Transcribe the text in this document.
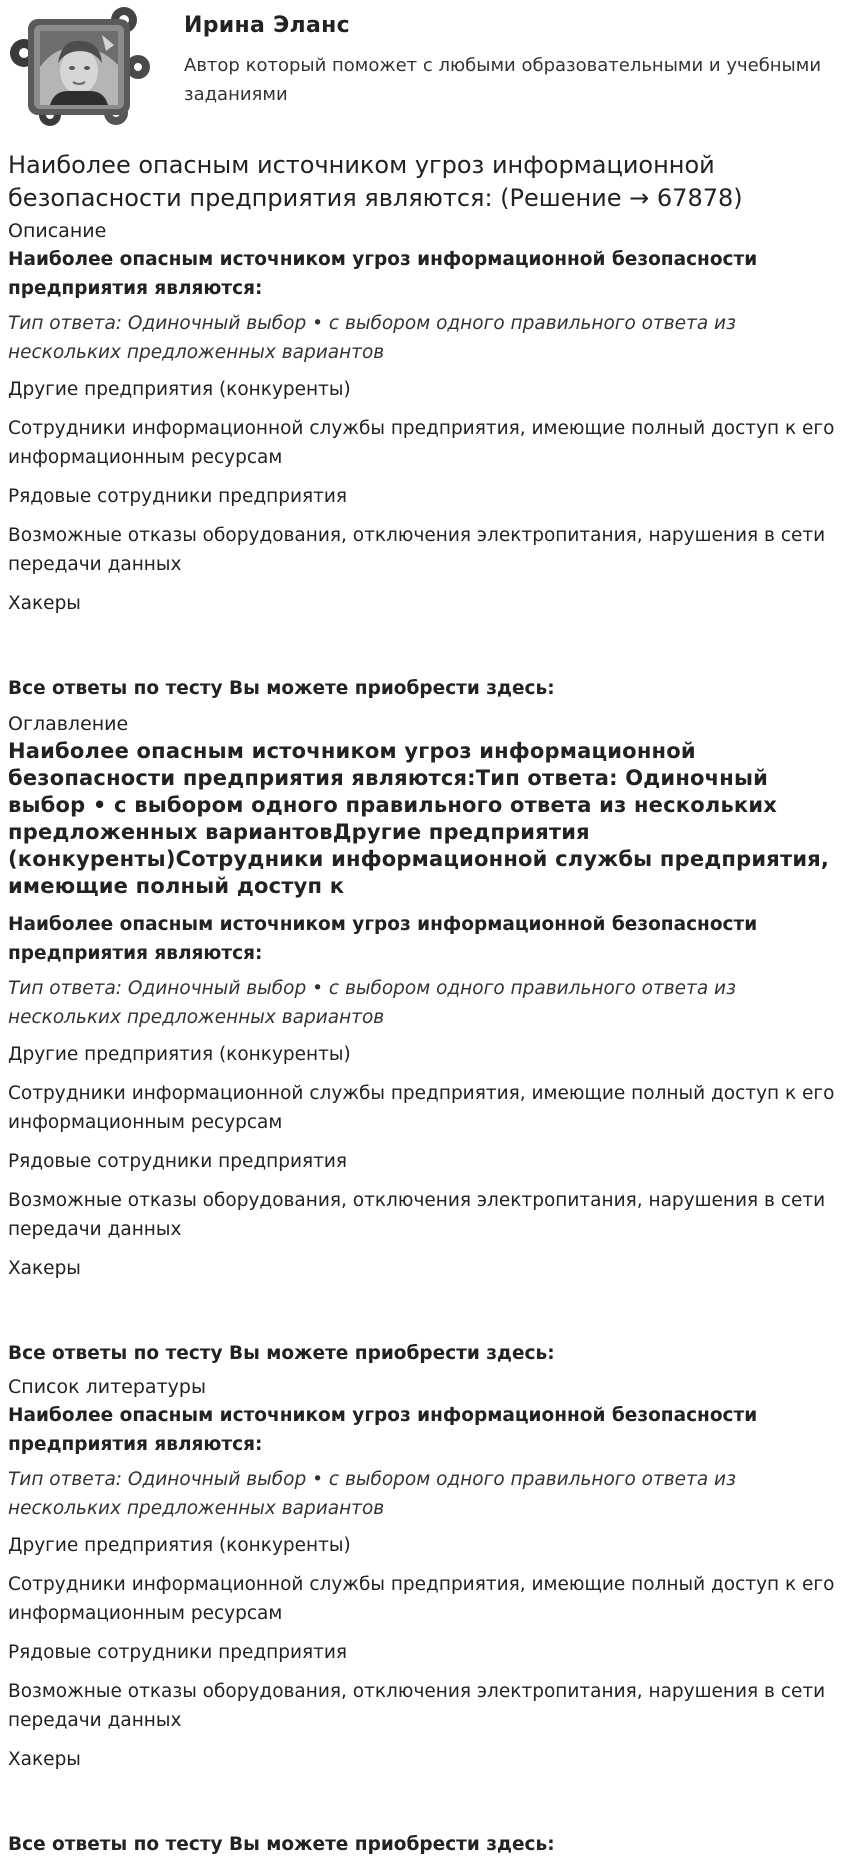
Ирина Эланс
Автор который поможет с любыми образовательными и учебными заданиями
Наиболее опасным источником угроз информационной безопасности предприятия являются: (Решение → 67878)
Описание

Наиболее опасным источником угроз информационной безопасности предприятия являются:

Тип ответа: Одиночный выбор • с выбором одного правильного ответа из нескольких предложенных вариантов

Другие предприятия (конкуренты)

Сотрудники информационной службы предприятия, имеющие полный доступ к его информационным ресурсам

Рядовые сотрудники предприятия

Возможные отказы оборудования, отключения электропитания, нарушения в сети передачи данных

Хакеры

Все ответы по тесту Вы можете приобрести здесь:

Оглавление
Наиболее опасным источником угроз информационной безопасности предприятия являются:Тип ответа: Одиночный выбор • с выбором одного правильного ответа из нескольких предложенных вариантовДругие предприятия (конкуренты)Сотрудники информационной службы предприятия, имеющие полный доступ к

Наиболее опасным источником угроз информационной безопасности предприятия являются:

Тип ответа: Одиночный выбор • с выбором одного правильного ответа из нескольких предложенных вариантов

Другие предприятия (конкуренты)

Сотрудники информационной службы предприятия, имеющие полный доступ к его информационным ресурсам

Рядовые сотрудники предприятия

Возможные отказы оборудования, отключения электропитания, нарушения в сети передачи данных

Хакеры

Все ответы по тесту Вы можете приобрести здесь:

Список литературы

Наиболее опасным источником угроз информационной безопасности предприятия являются:

Тип ответа: Одиночный выбор • с выбором одного правильного ответа из нескольких предложенных вариантов

Другие предприятия (конкуренты)

Сотрудники информационной службы предприятия, имеющие полный доступ к его информационным ресурсам

Рядовые сотрудники предприятия

Возможные отказы оборудования, отключения электропитания, нарушения в сети передачи данных

Хакеры

Все ответы по тесту Вы можете приобрести здесь:
